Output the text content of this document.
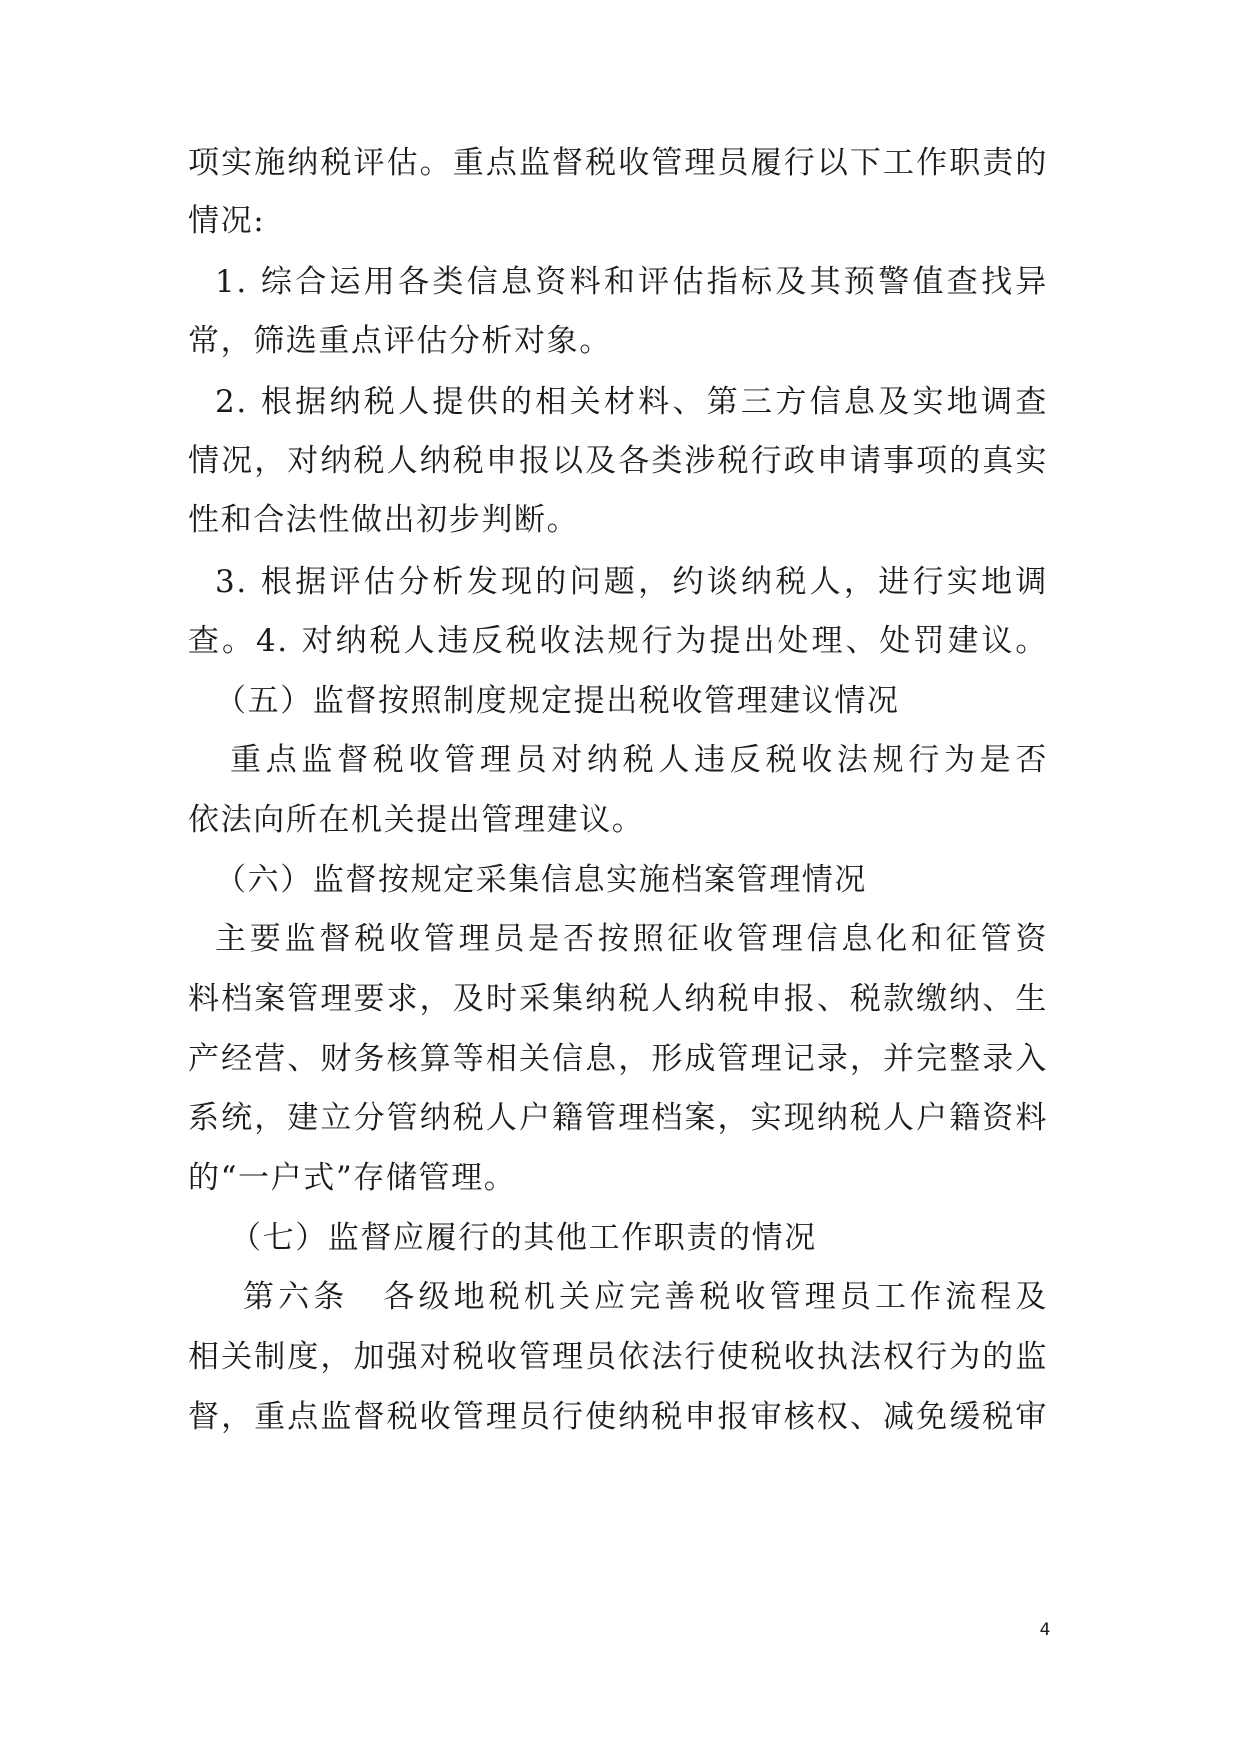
项实施纳税评估。重点监督税收管理员履行以下工作职责的
情况:
1. 综合运用各类信息资料和评估指标及其预警值查找异
常，筛选重点评估分析对象。
2. 根据纳税人提供的相关材料、第三方信息及实地调查
情况，对纳税人纳税申报以及各类涉税行政申请事项的真实
性和合法性做出初步判断。
3. 根据评估分析发现的问题，约谈纳税人，进行实地调
查。4. 对纳税人违反税收法规行为提出处理、处罚建议。
（五）监督按照制度规定提出税收管理建议情况
重点监督税收管理员对纳税人违反税收法规行为是否
依法向所在机关提出管理建议。
（六）监督按规定采集信息实施档案管理情况
主要监督税收管理员是否按照征收管理信息化和征管资
料档案管理要求，及时采集纳税人纳税申报、税款缴纳、生
产经营、财务核算等相关信息，形成管理记录，并完整录入
系统，建立分管纳税人户籍管理档案，实现纳税人户籍资料
的“一户式”存储管理。
（七）监督应履行的其他工作职责的情况
第六条　各级地税机关应完善税收管理员工作流程及
相关制度，加强对税收管理员依法行使税收执法权行为的监
督，重点监督税收管理员行使纳税申报审核权、减免缓税审
4
